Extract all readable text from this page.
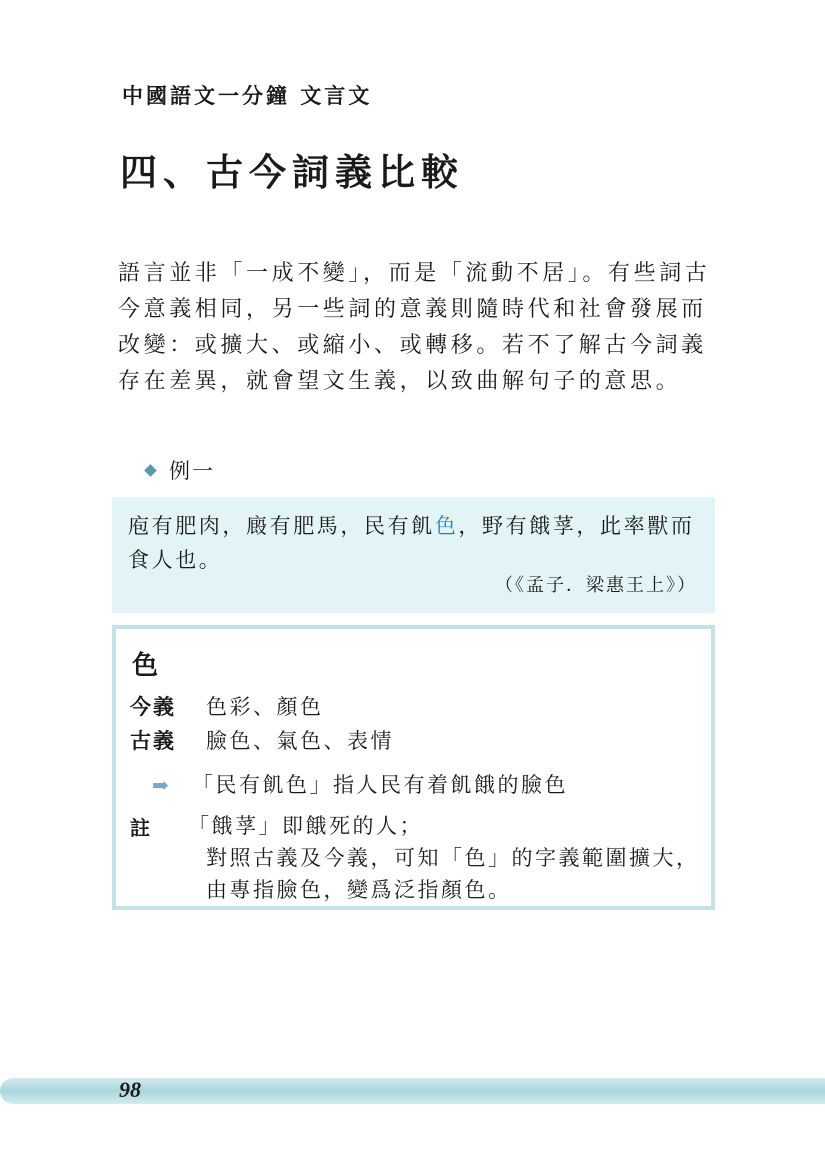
中國語文一分鐘 文言文
四、古今詞義比較

語言並非「一成不變」，而是「流動不居」。有些詞古今意義相同，另一些詞的意義則隨時代和社會發展而改變：或擴大、或縮小、或轉移。若不了解古今詞義存在差異，就會望文生義，以致曲解句子的意思。

例一

庖有肥肉，廄有肥馬，民有飢色，野有餓莩，此率獸而食人也。

（《孟子．梁惠王上》）
色
今義 色彩、顏色
古義 臉色、氣色、表情
➡ 「民有飢色」指人民有着飢餓的臉色
註 「餓莩」即餓死的人；
對照古義及今義，可知「色」的字義範圍擴大，
由專指臉色，變爲泛指顏色。
98
